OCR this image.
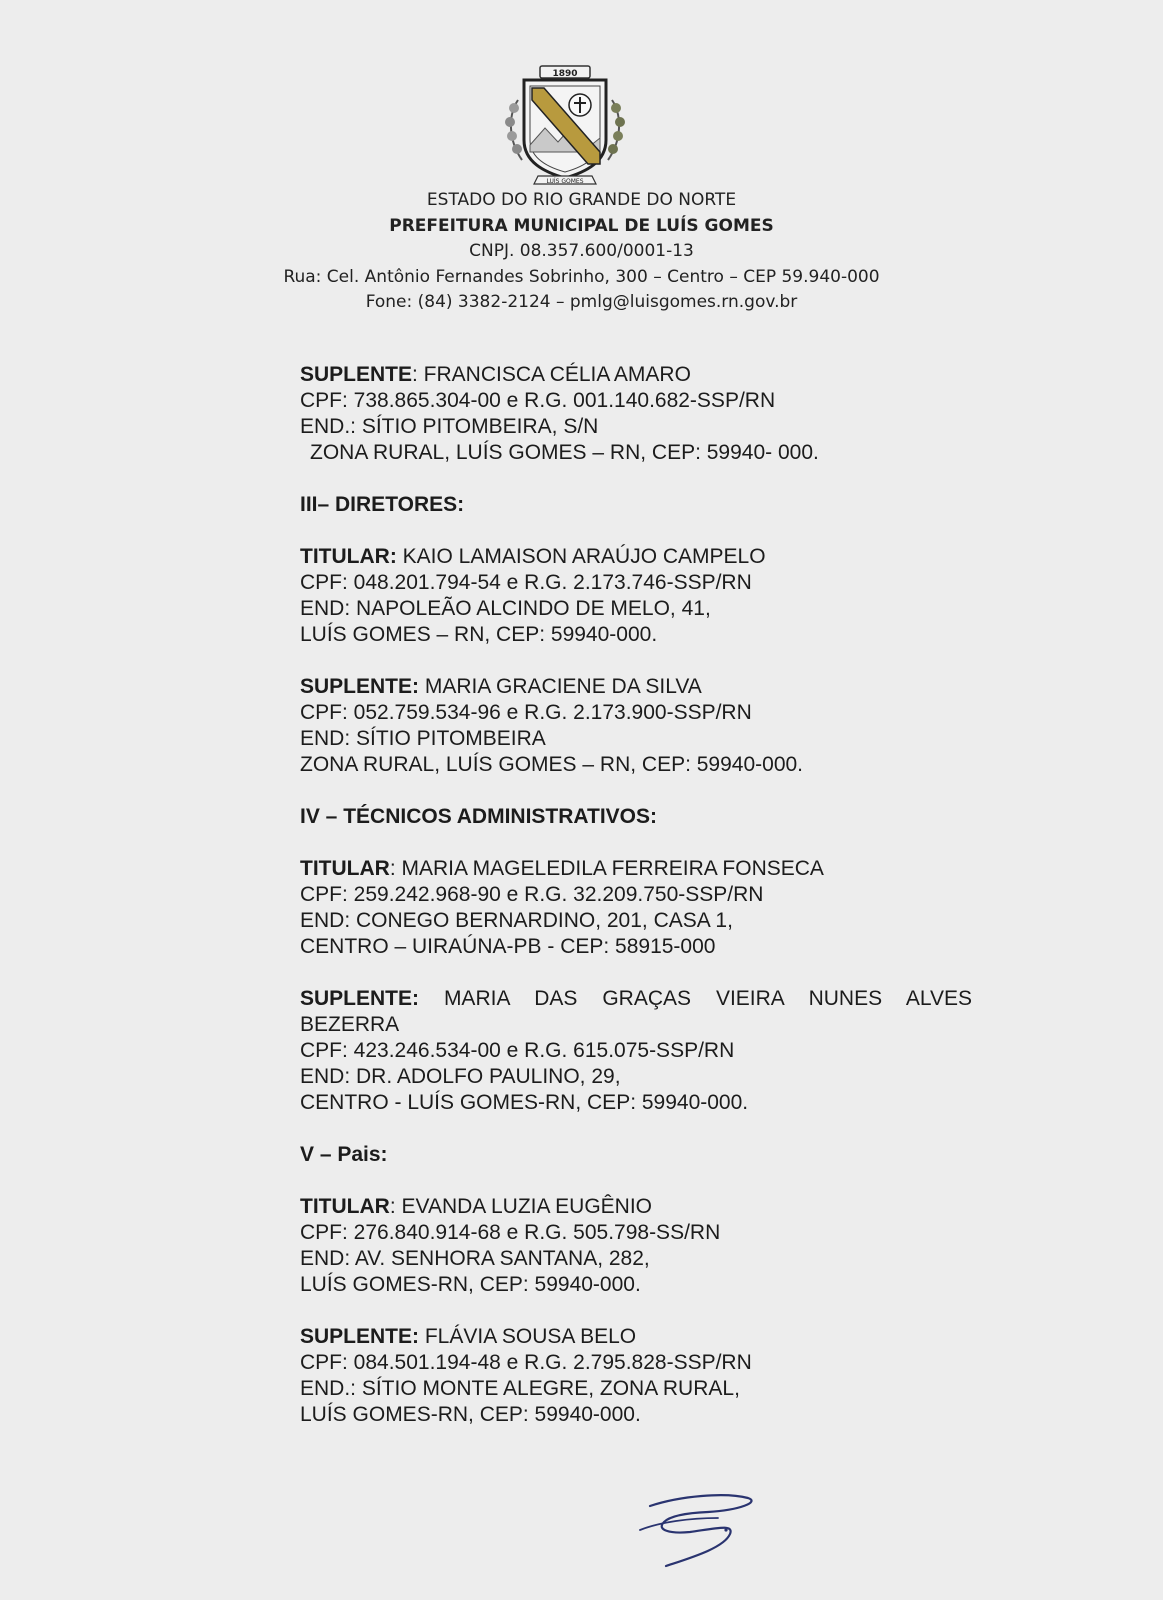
1890
LUÍS GOMES
ESTADO DO RIO GRANDE DO NORTE
PREFEITURA MUNICIPAL DE LUÍS GOMES
CNPJ. 08.357.600/0001-13
Rua: Cel. Antônio Fernandes Sobrinho, 300 – Centro – CEP 59.940-000
Fone: (84) 3382-2124 – pmlg@luisgomes.rn.gov.br
SUPLENTE: FRANCISCA CÉLIA AMARO
CPF: 738.865.304-00 e R.G. 001.140.682-SSP/RN
END.: SÍTIO PITOMBEIRA, S/N
ZONA RURAL, LUÍS GOMES – RN, CEP: 59940- 000.
III– DIRETORES:
TITULAR: KAIO LAMAISON ARAÚJO CAMPELO
CPF: 048.201.794-54 e R.G. 2.173.746-SSP/RN
END: NAPOLEÃO ALCINDO DE MELO, 41,
LUÍS GOMES – RN, CEP: 59940-000.
SUPLENTE: MARIA GRACIENE DA SILVA
CPF: 052.759.534-96 e R.G. 2.173.900-SSP/RN
END: SÍTIO PITOMBEIRA
ZONA RURAL, LUÍS GOMES – RN, CEP: 59940-000.
IV – TÉCNICOS ADMINISTRATIVOS:
TITULAR: MARIA MAGELEDILA FERREIRA FONSECA
CPF: 259.242.968-90 e R.G. 32.209.750-SSP/RN
END: CONEGO BERNARDINO, 201, CASA 1,
CENTRO – UIRAÚNA-PB - CEP: 58915-000
SUPLENTE: MARIA DAS GRAÇAS VIEIRA NUNES ALVES
BEZERRA
CPF: 423.246.534-00 e R.G. 615.075-SSP/RN
END: DR. ADOLFO PAULINO, 29,
CENTRO - LUÍS GOMES-RN, CEP: 59940-000.
V – Pais:
TITULAR: EVANDA LUZIA EUGÊNIO
CPF: 276.840.914-68 e R.G. 505.798-SS/RN
END: AV. SENHORA SANTANA, 282,
LUÍS GOMES-RN, CEP: 59940-000.
SUPLENTE: FLÁVIA SOUSA BELO
CPF: 084.501.194-48 e R.G. 2.795.828-SSP/RN
END.: SÍTIO MONTE ALEGRE, ZONA RURAL,
LUÍS GOMES-RN, CEP: 59940-000.
